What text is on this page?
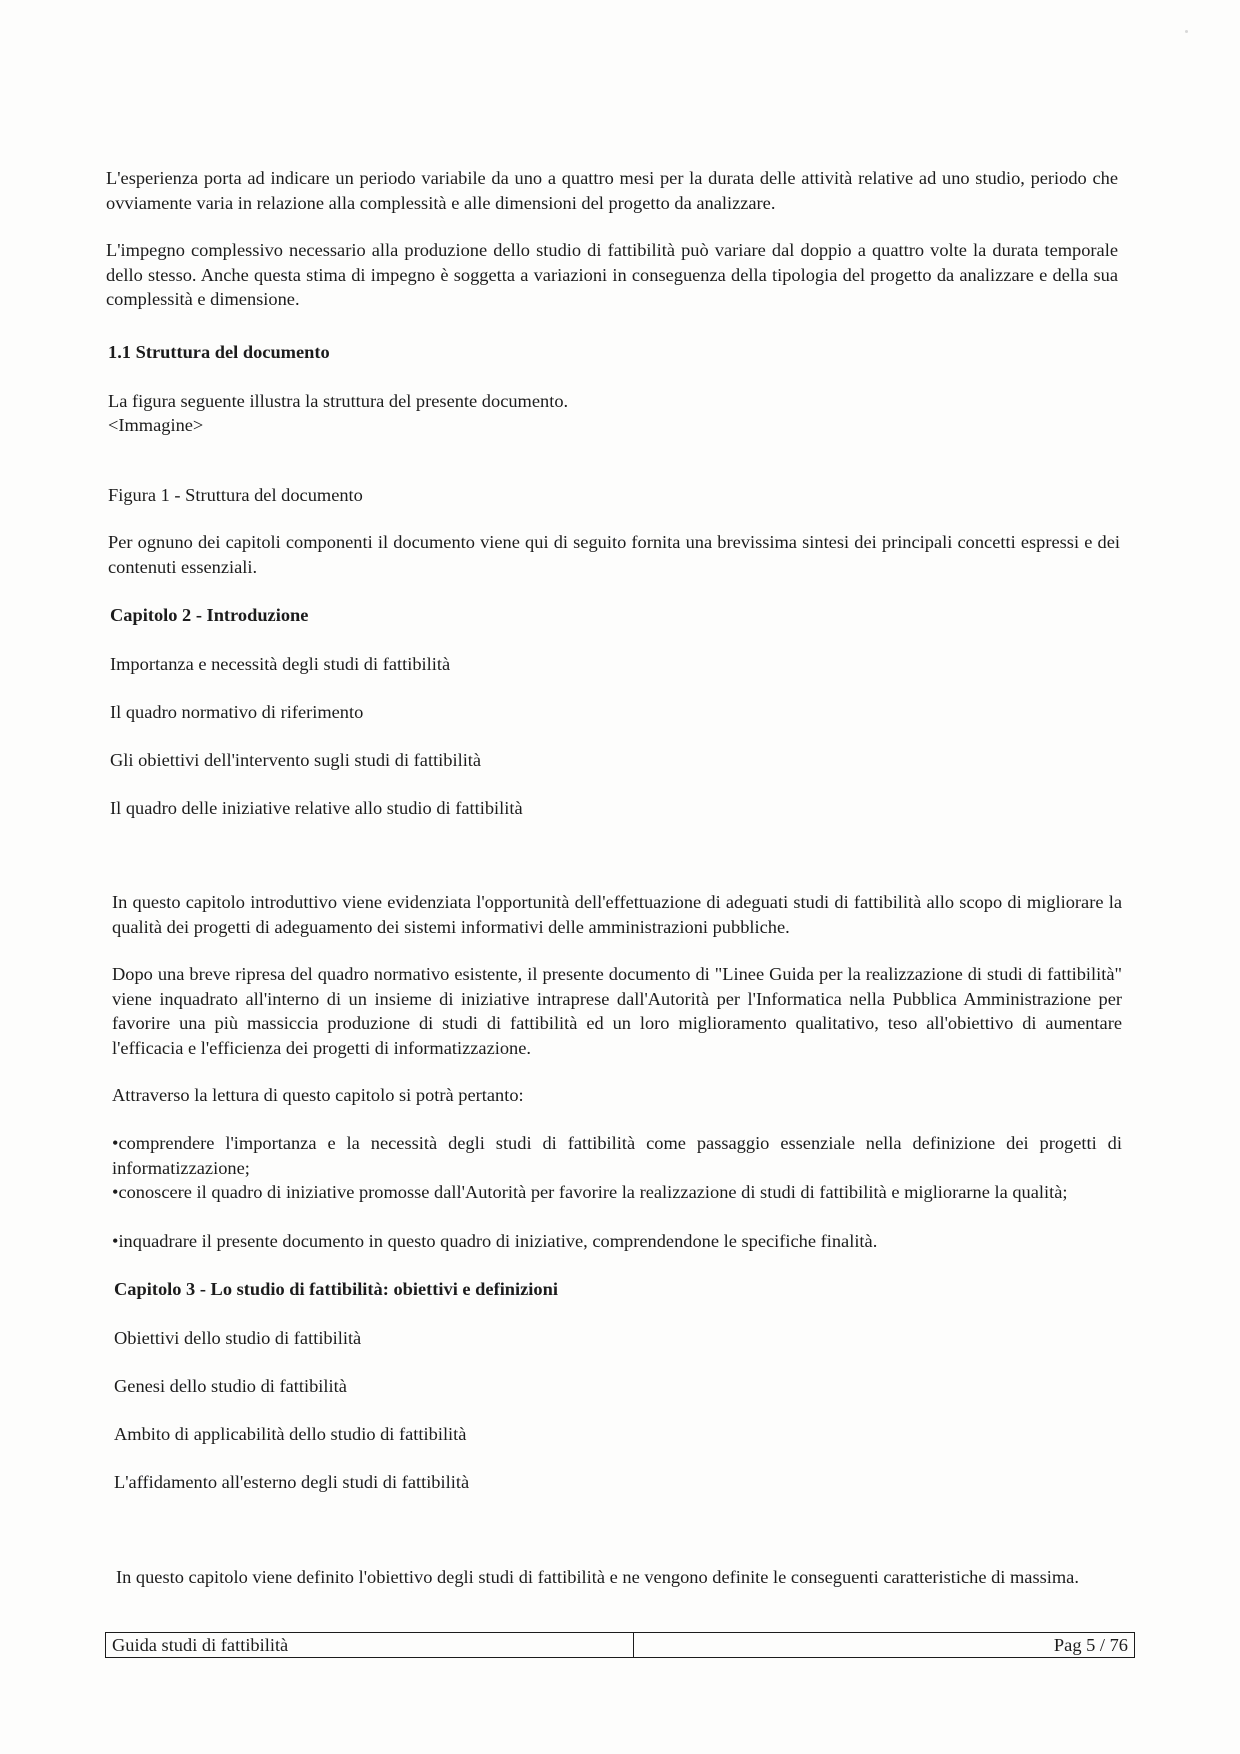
L'esperienza porta ad indicare un periodo variabile da uno a quattro mesi per la durata delle attività relative ad uno studio, periodo che ovviamente varia in relazione alla complessità e alle dimensioni del progetto da analizzare.

L'impegno complessivo necessario alla produzione dello studio di fattibilità può variare dal doppio a quattro volte la durata temporale dello stesso. Anche questa stima di impegno è soggetta a variazioni in conseguenza della tipologia del progetto da analizzare e della sua complessità e dimensione.

1.1 Struttura del documento

La figura seguente illustra la struttura del presente documento.

<Immagine>

Figura 1 - Struttura del documento

Per ognuno dei capitoli componenti il documento viene qui di seguito fornita una brevissima sintesi dei principali concetti espressi e dei contenuti essenziali.

Capitolo 2 - Introduzione

Importanza e necessità degli studi di fattibilità

Il quadro normativo di riferimento

Gli obiettivi dell'intervento sugli studi di fattibilità

Il quadro delle iniziative relative allo studio di fattibilità

In questo capitolo introduttivo viene evidenziata l'opportunità dell'effettuazione di adeguati studi di fattibilità allo scopo di migliorare la qualità dei progetti di adeguamento dei sistemi informativi delle amministrazioni pubbliche.

Dopo una breve ripresa del quadro normativo esistente, il presente documento di "Linee Guida per la realizzazione di studi di fattibilità" viene inquadrato all'interno di un insieme di iniziative intraprese dall'Autorità per l'Informatica nella Pubblica Amministrazione per favorire una più massiccia produzione di studi di fattibilità ed un loro miglioramento qualitativo, teso all'obiettivo di aumentare l'efficacia e l'efficienza dei progetti di informatizzazione.

Attraverso la lettura di questo capitolo si potrà pertanto:

•comprendere l'importanza e la necessità degli studi di fattibilità come passaggio essenziale nella definizione dei progetti di informatizzazione;

•conoscere il quadro di iniziative promosse dall'Autorità per favorire la realizzazione di studi di fattibilità e migliorarne la qualità;

•inquadrare il presente documento in questo quadro di iniziative, comprendendone le specifiche finalità.

Capitolo 3 - Lo studio di fattibilità: obiettivi e definizioni

Obiettivi dello studio di fattibilità

Genesi dello studio di fattibilità

Ambito di applicabilità dello studio di fattibilità

L'affidamento all'esterno degli studi di fattibilità

In questo capitolo viene definito l'obiettivo degli studi di fattibilità e ne vengono definite le conseguenti caratteristiche di massima.

Guida studi di fattibilità	Pag 5 / 76
